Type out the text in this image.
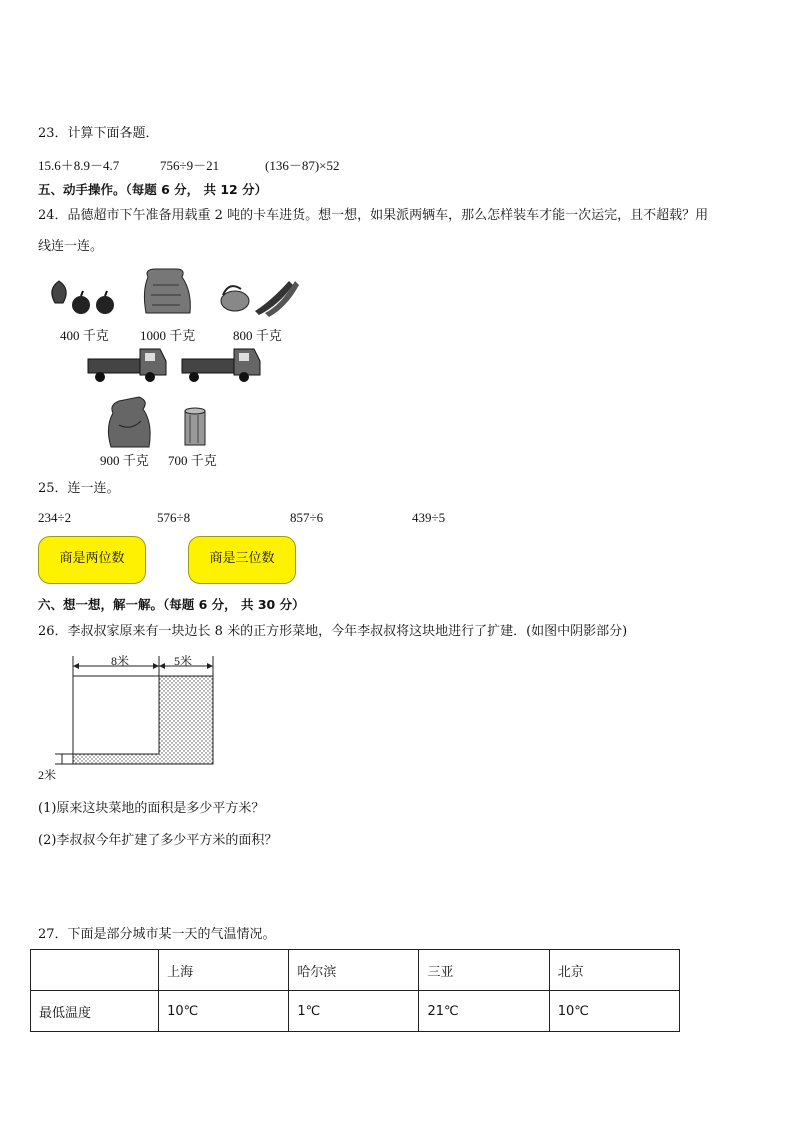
23．计算下面各题．
15.6＋8.9－4.7	756÷9－21	(136－87)×52
五、动手操作。（每题 6 分， 共 12 分）
24．品德超市下午准备用载重 2 吨的卡车进货。想一想，如果派两辆车，那么怎样装车才能一次运完，且不超载？用
线连一连。
400 千克 1000 千克	800 千克
900 千克 700 千克
25．连一连。
234÷2	576÷8	857÷6	439÷5
商是两位数	商是三位数
六、想一想，解一解。（每题 6 分， 共 30 分）
26．李叔叔家原来有一块边长 8 米的正方形菜地，今年李叔叔将这块地进行了扩建．(如图中阴影部分)
8米	5米
2米
(1)原来这块菜地的面积是多少平方米？
(2)李叔叔今年扩建了多少平方米的面积？
27．下面是部分城市某一天的气温情况。
	上海	哈尔滨	三亚	北京
最低温度	10℃	1℃	21℃	10℃
